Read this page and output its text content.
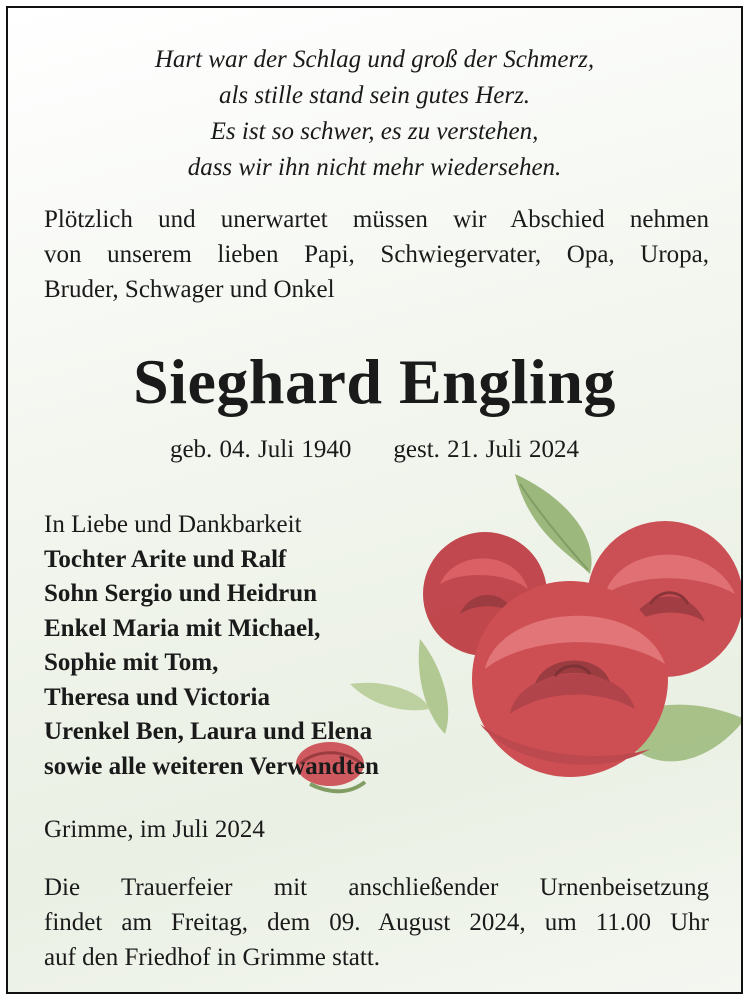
Hart war der Schlag und groß der Schmerz,
als stille stand sein gutes Herz.
Es ist so schwer, es zu verstehen,
dass wir ihn nicht mehr wiedersehen.
Plötzlich und unerwartet müssen wir Abschied nehmen
von unserem lieben Papi, Schwiegervater, Opa, Uropa,
Bruder, Schwager und Onkel
Sieghard Engling
geb. 04. Juli 1940 gest. 21. Juli 2024
In Liebe und Dankbarkeit
Tochter Arite und Ralf
Sohn Sergio und Heidrun
Enkel Maria mit Michael,
Sophie mit Tom,
Theresa und Victoria
Urenkel Ben, Laura und Elena
sowie alle weiteren Verwandten
Grimme, im Juli 2024
Die Trauerfeier mit anschließender Urnenbeisetzung
findet am Freitag, dem 09. August 2024, um 11.00 Uhr
auf den Friedhof in Grimme statt.
